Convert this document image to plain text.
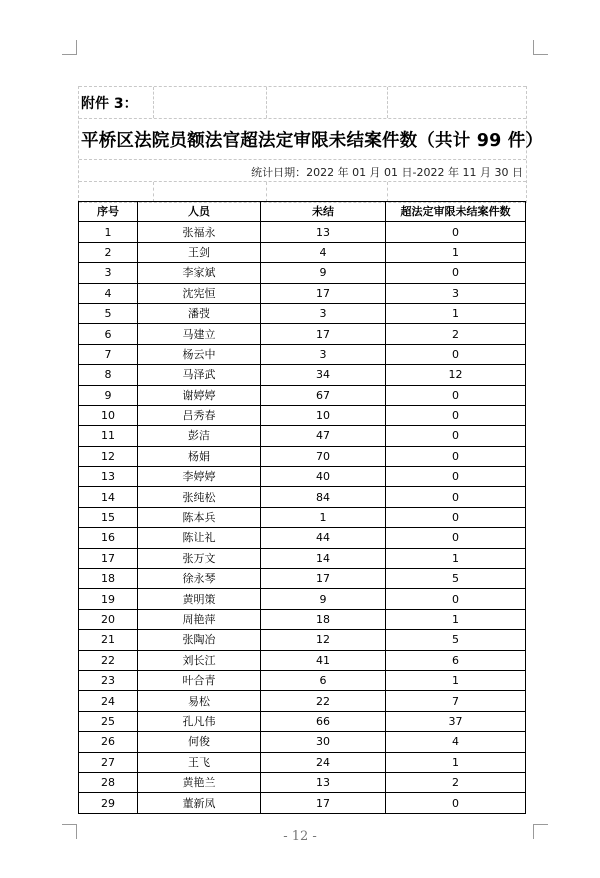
附件 3：
平桥区法院员额法官超法定审限未结案件数（共计 99 件）
统计日期：2022 年 01 月 01 日-2022 年 11 月 30 日
序号	人员	未结	超法定审限未结案件数
1	张福永	13	0
2	王剑	4	1
3	李家斌	9	0
4	沈宪恒	17	3
5	潘弢	3	1
6	马建立	17	2
7	杨云中	3	0
8	马泽武	34	12
9	谢婷婷	67	0
10	吕秀春	10	0
11	彭洁	47	0
12	杨娟	70	0
13	李婷婷	40	0
14	张纯松	84	0
15	陈本兵	1	0
16	陈让礼	44	0
17	张万文	14	1
18	徐永琴	17	5
19	黄明策	9	0
20	周艳萍	18	1
21	张陶冶	12	5
22	刘长江	41	6
23	叶合青	6	1
24	易松	22	7
25	孔凡伟	66	37
26	何俊	30	4
27	王飞	24	1
28	黄艳兰	13	2
29	董新凤	17	0
- 12 -
